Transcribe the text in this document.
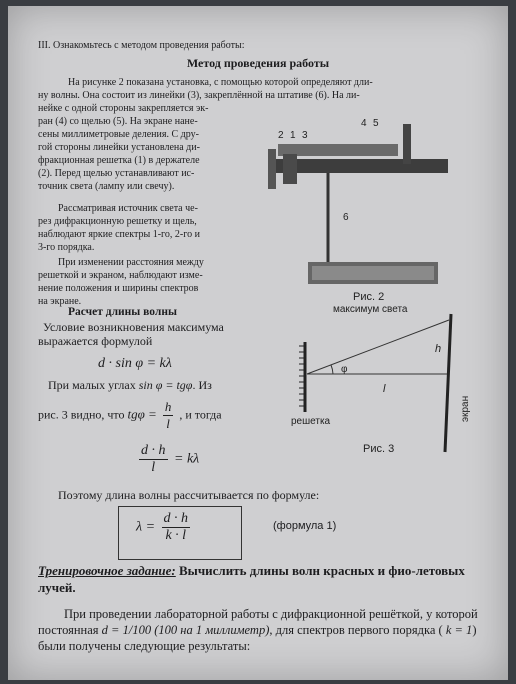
III. Ознакомьтесь с методом проведения работы:

Метод проведения работы

На рисунке 2 показана установка, с помощью которой определяют дли-
ну волны. Она состоит из линейки (3), закреплённой на штативе (6). На ли-
нейке с одной стороны закрепляется эк-
ран (4) со щелью (5). На экране нане-
сены миллиметровые деления. С дру-
гой стороны линейки установлена ди-
фракционная решетка (1) в держателе
(2). Перед щелью устанавливают ис-
точник света (лампу или свечу).
Рассматривая источник света че-
рез дифракционную решетку и щель,
наблюдают яркие спектры 1-го, 2-го и
3-го порядка.
При изменении расстояния между
решеткой и экраном, наблюдают изме-
нение положения и ширины спектров
на экране.
2 1 3
4 5
6
Рис. 2

Расчет длины волны

Условие возникновения максимума

выражается формулой

d · sin φ = kλ

При малых углах sin φ = tgφ. Из

рис. 3 видно, что $tg\varphi = \frac{h}{l}$ , и тогда
$\frac{d \cdot h}{l} = k\lambda$

Поэтому длина волны рассчитывается по формуле:

$\lambda = \frac{d \cdot h}{k \cdot l}$	(формула 1)

максимум света
h
φ
l
решетка	экран
Рис. 3
Тренировочное задание: Вычислить длины волн красных и фио-летовых лучей.
При проведении лабораторной работы с дифракционной решёткой, у которой постоянная d = 1/100 (100 на 1 миллиметр), для спектров первого порядка ( k = 1) были получены следующие результаты:
